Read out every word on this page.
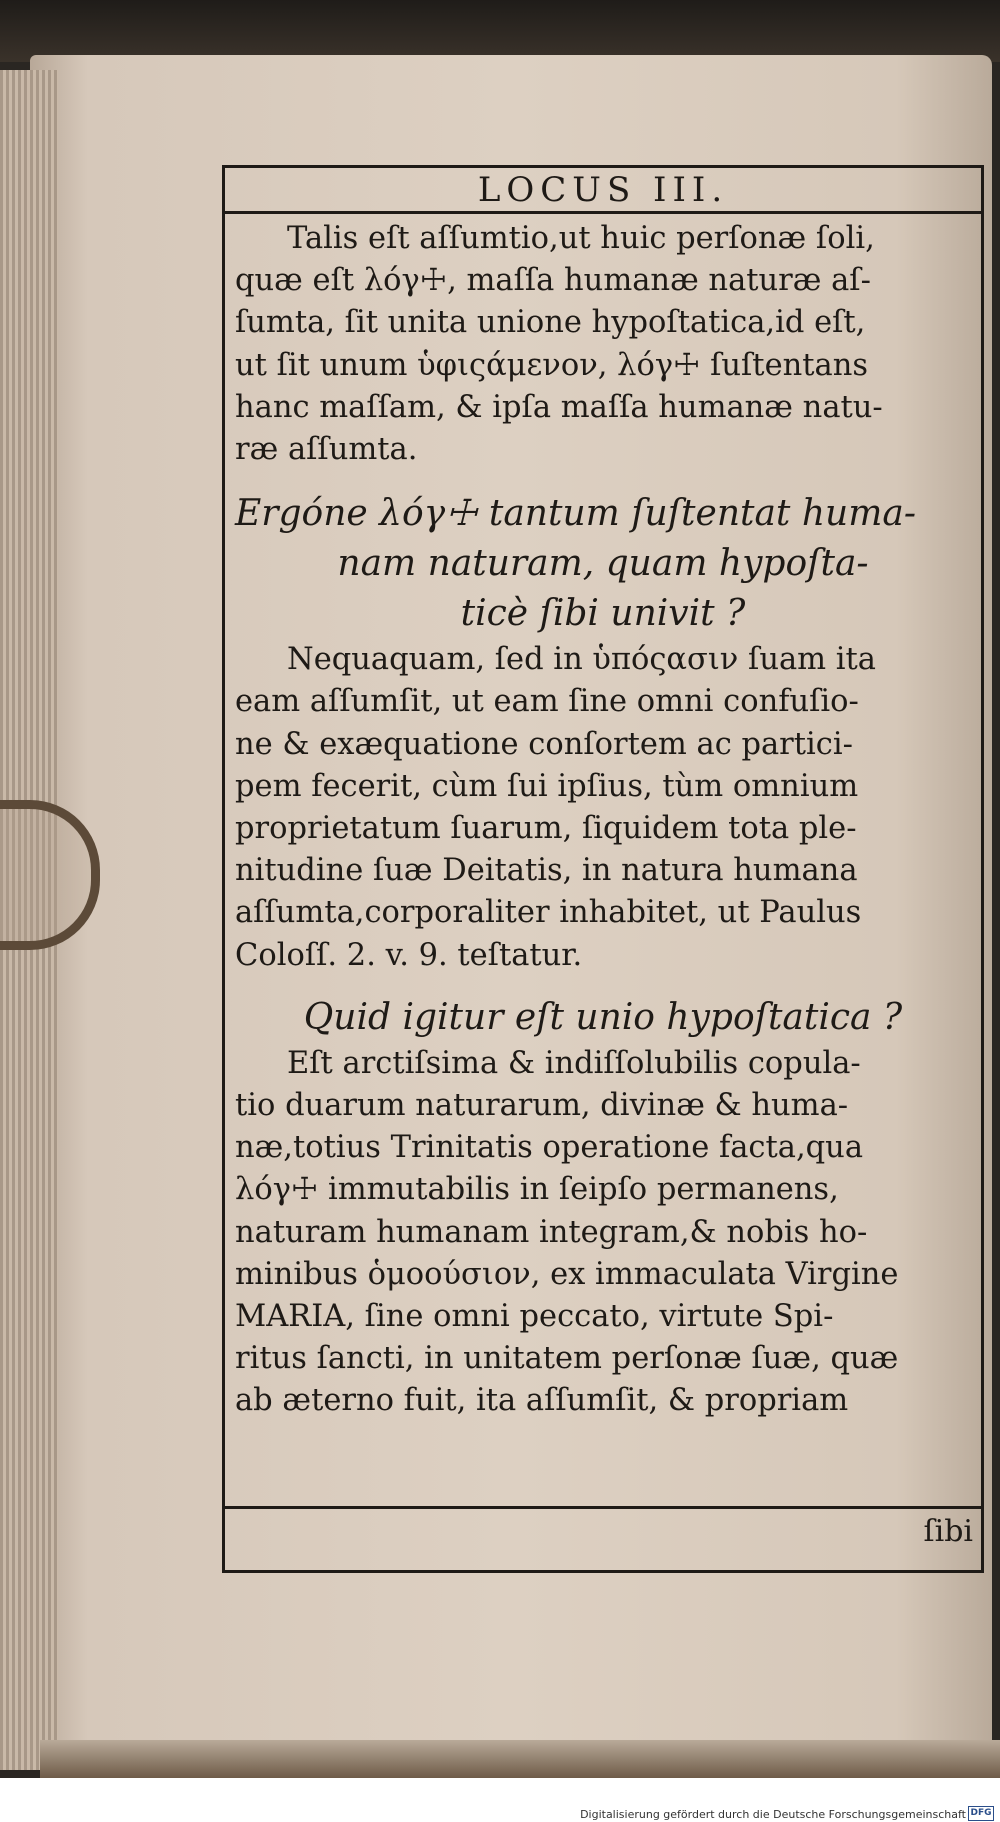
LOCUS III.
Talis eſt aſſumtio,ut huic perſonæ ſoli,
quæ eſt λόγ☩, maſſa humanæ naturæ aſ-
ſumta, ſit unita unione hypoſtatica,id eſt,
ut ſit unum ὑφιςάμενον, λόγ☩ ſuſtentans
hanc maſſam, & ipſa maſſa humanæ natu-
ræ aſſumta.
Ergóne λόγ☩ tantum ſuſtentat huma-
nam naturam, quam hypoſta-
ticè ſibi univit ?
Nequaquam, ſed in ὑπόςασιν ſuam ita
eam aſſumſit, ut eam ſine omni confuſio-
ne & exæquatione conſortem ac partici-
pem fecerit, cùm ſui ipſius, tùm omnium
proprietatum ſuarum, ſiquidem tota ple-
nitudine ſuæ Deitatis, in natura humana
aſſumta,corporaliter inhabitet, ut Paulus
Coloſſ. 2. v. 9. teſtatur.
Quid igitur eſt unio hypoſtatica ?
Eſt arctiſsima & indiſſolubilis copula-
tio duarum naturarum, divinæ & huma-
næ,totius Trinitatis operatione facta,qua
λόγ☩ immutabilis in ſeipſo permanens,
naturam humanam integram,& nobis ho-
minibus ὁμοούσιον, ex immaculata Virgine
MARIA, ſine omni peccato, virtute Spi-
ritus ſancti, in unitatem perſonæ ſuæ, quæ
ab æterno fuit, ita aſſumſit, & propriam
ſibi
Digitalisierung gefördert durch die Deutsche Forschungsgemeinschaft DFG
